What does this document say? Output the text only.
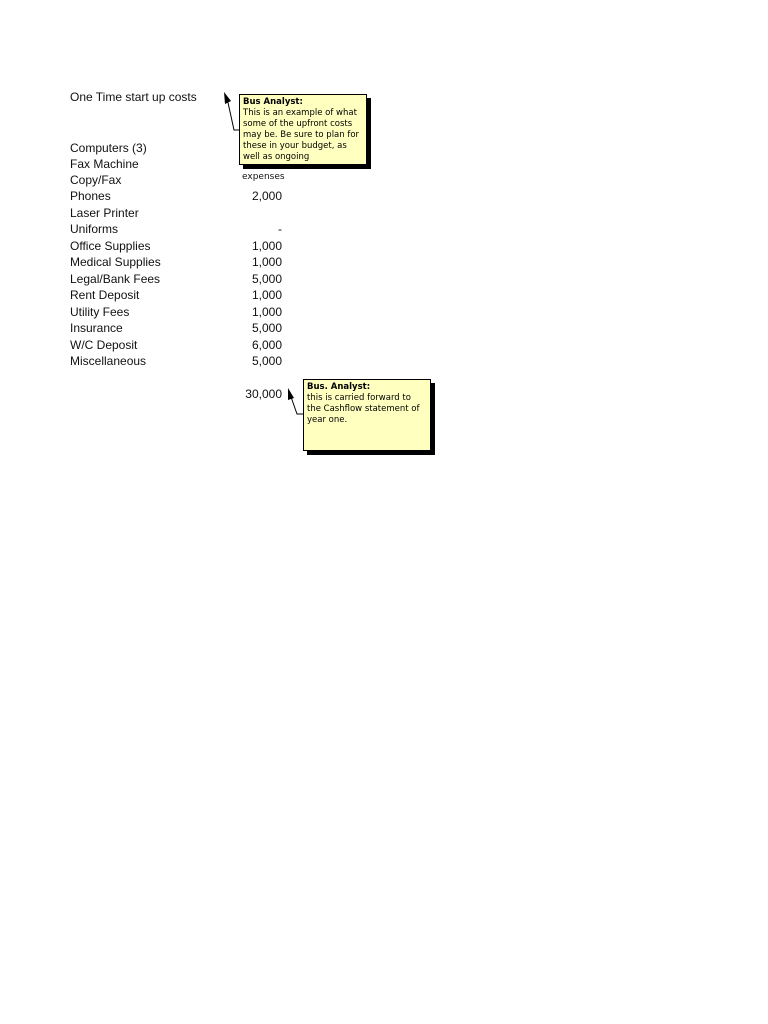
One Time start up costs
Computers (3)
Fax Machine
Copy/Fax
Phones	2,000
Laser Printer
Uniforms	-
Office Supplies	1,000
Medical Supplies	1,000
Legal/Bank Fees	5,000
Rent Deposit	1,000
Utility Fees	1,000
Insurance	5,000
W/C Deposit	6,000
Miscellaneous	5,000
30,000
expenses
Bus Analyst:
This is an example of what some of the upfront costs may be. Be sure to plan for these in your budget, as well as ongoing
Bus. Analyst:
this is carried forward to the Cashflow statement of year one.
